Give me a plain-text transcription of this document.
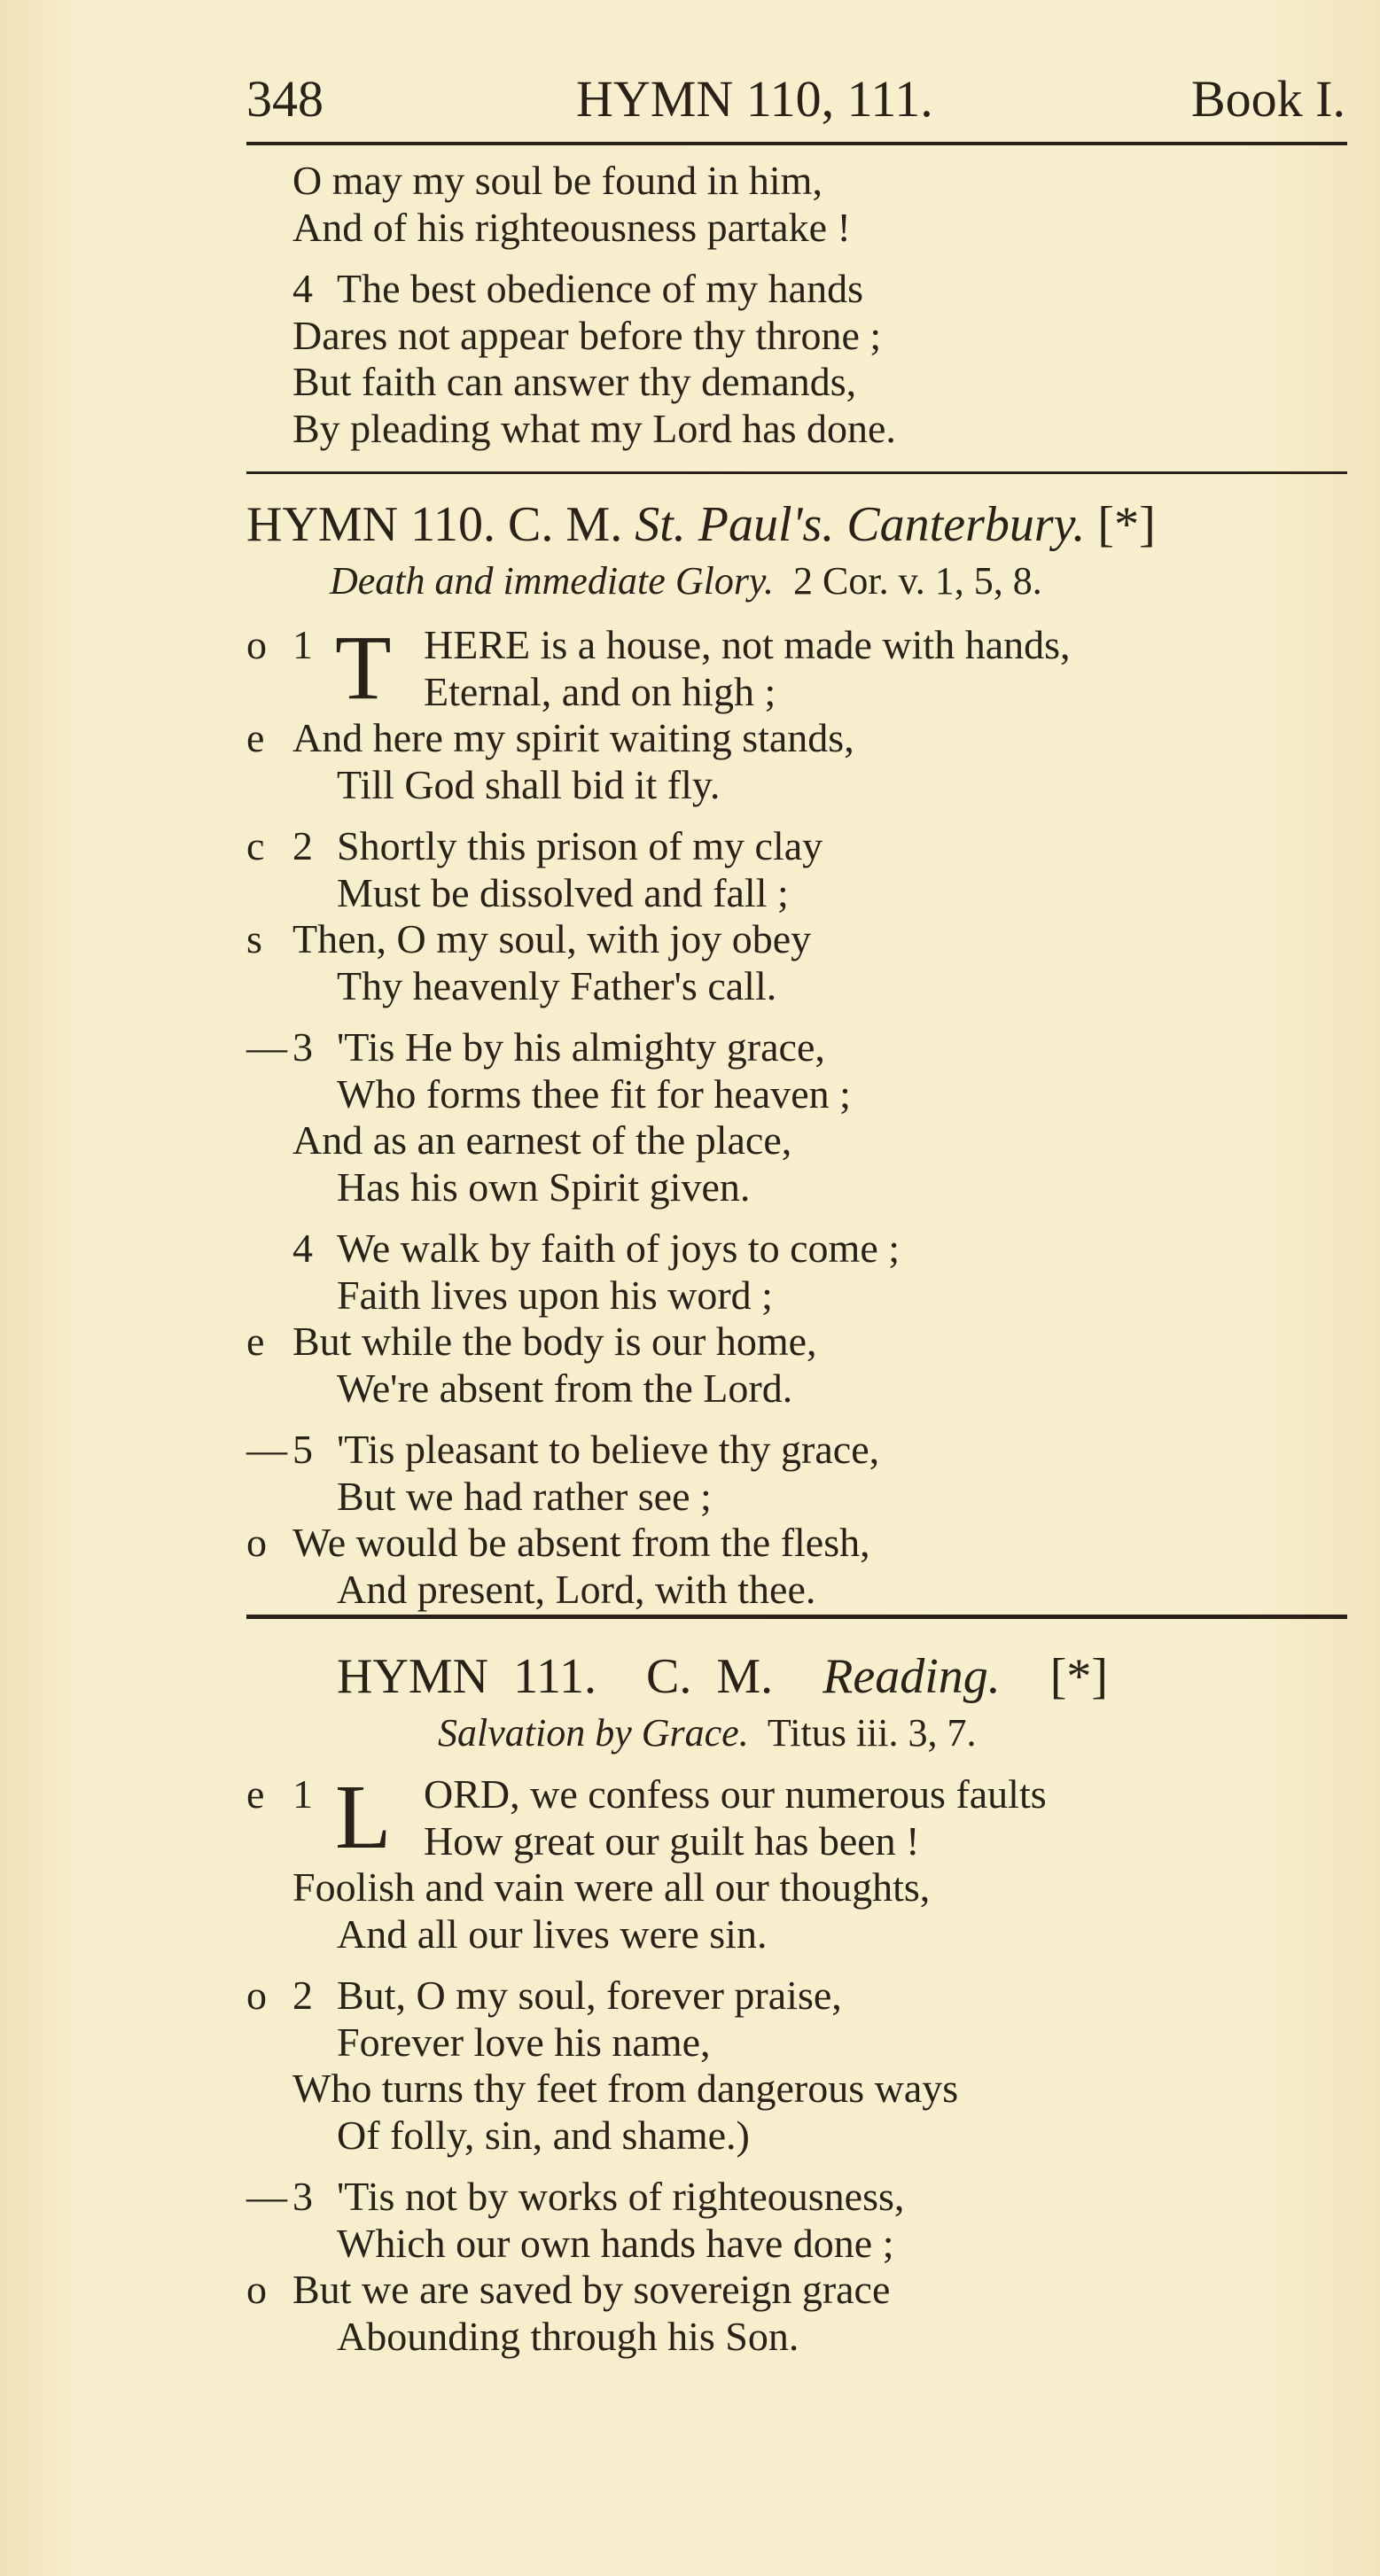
348	HYMN 110, 111.	Book I.
O may my soul be found in him,
And of his righteousness partake !
4 The best obedience of my hands
Dares not appear before thy throne ;
But faith can answer thy demands,
By pleading what my Lord has done.
HYMN 110. C. M. St. Paul's. Canterbury. [*]
Death and immediate Glory. 2 Cor. v. 1, 5, 8.
o 1 T HERE is a house, not made with hands,
Eternal, and on high ;
e And here my spirit waiting stands,
Till God shall bid it fly.
c 2 Shortly this prison of my clay
Must be dissolved and fall ;
s Then, O my soul, with joy obey
Thy heavenly Father's call.
— 3 'Tis He by his almighty grace,
Who forms thee fit for heaven ;
And as an earnest of the place,
Has his own Spirit given.
4 We walk by faith of joys to come ;
Faith lives upon his word ;
e But while the body is our home,
We're absent from the Lord.
— 5 'Tis pleasant to believe thy grace,
But we had rather see ;
o We would be absent from the flesh,
And present, Lord, with thee.
HYMN 111. C. M. Reading. [*]
Salvation by Grace. Titus iii. 3, 7.
e 1 L ORD, we confess our numerous faults
How great our guilt has been !
Foolish and vain were all our thoughts,
And all our lives were sin.
o 2 But, O my soul, forever praise,
Forever love his name,
Who turns thy feet from dangerous ways
Of folly, sin, and shame.)
— 3 'Tis not by works of righteousness,
Which our own hands have done ;
o But we are saved by sovereign grace
Abounding through his Son.
